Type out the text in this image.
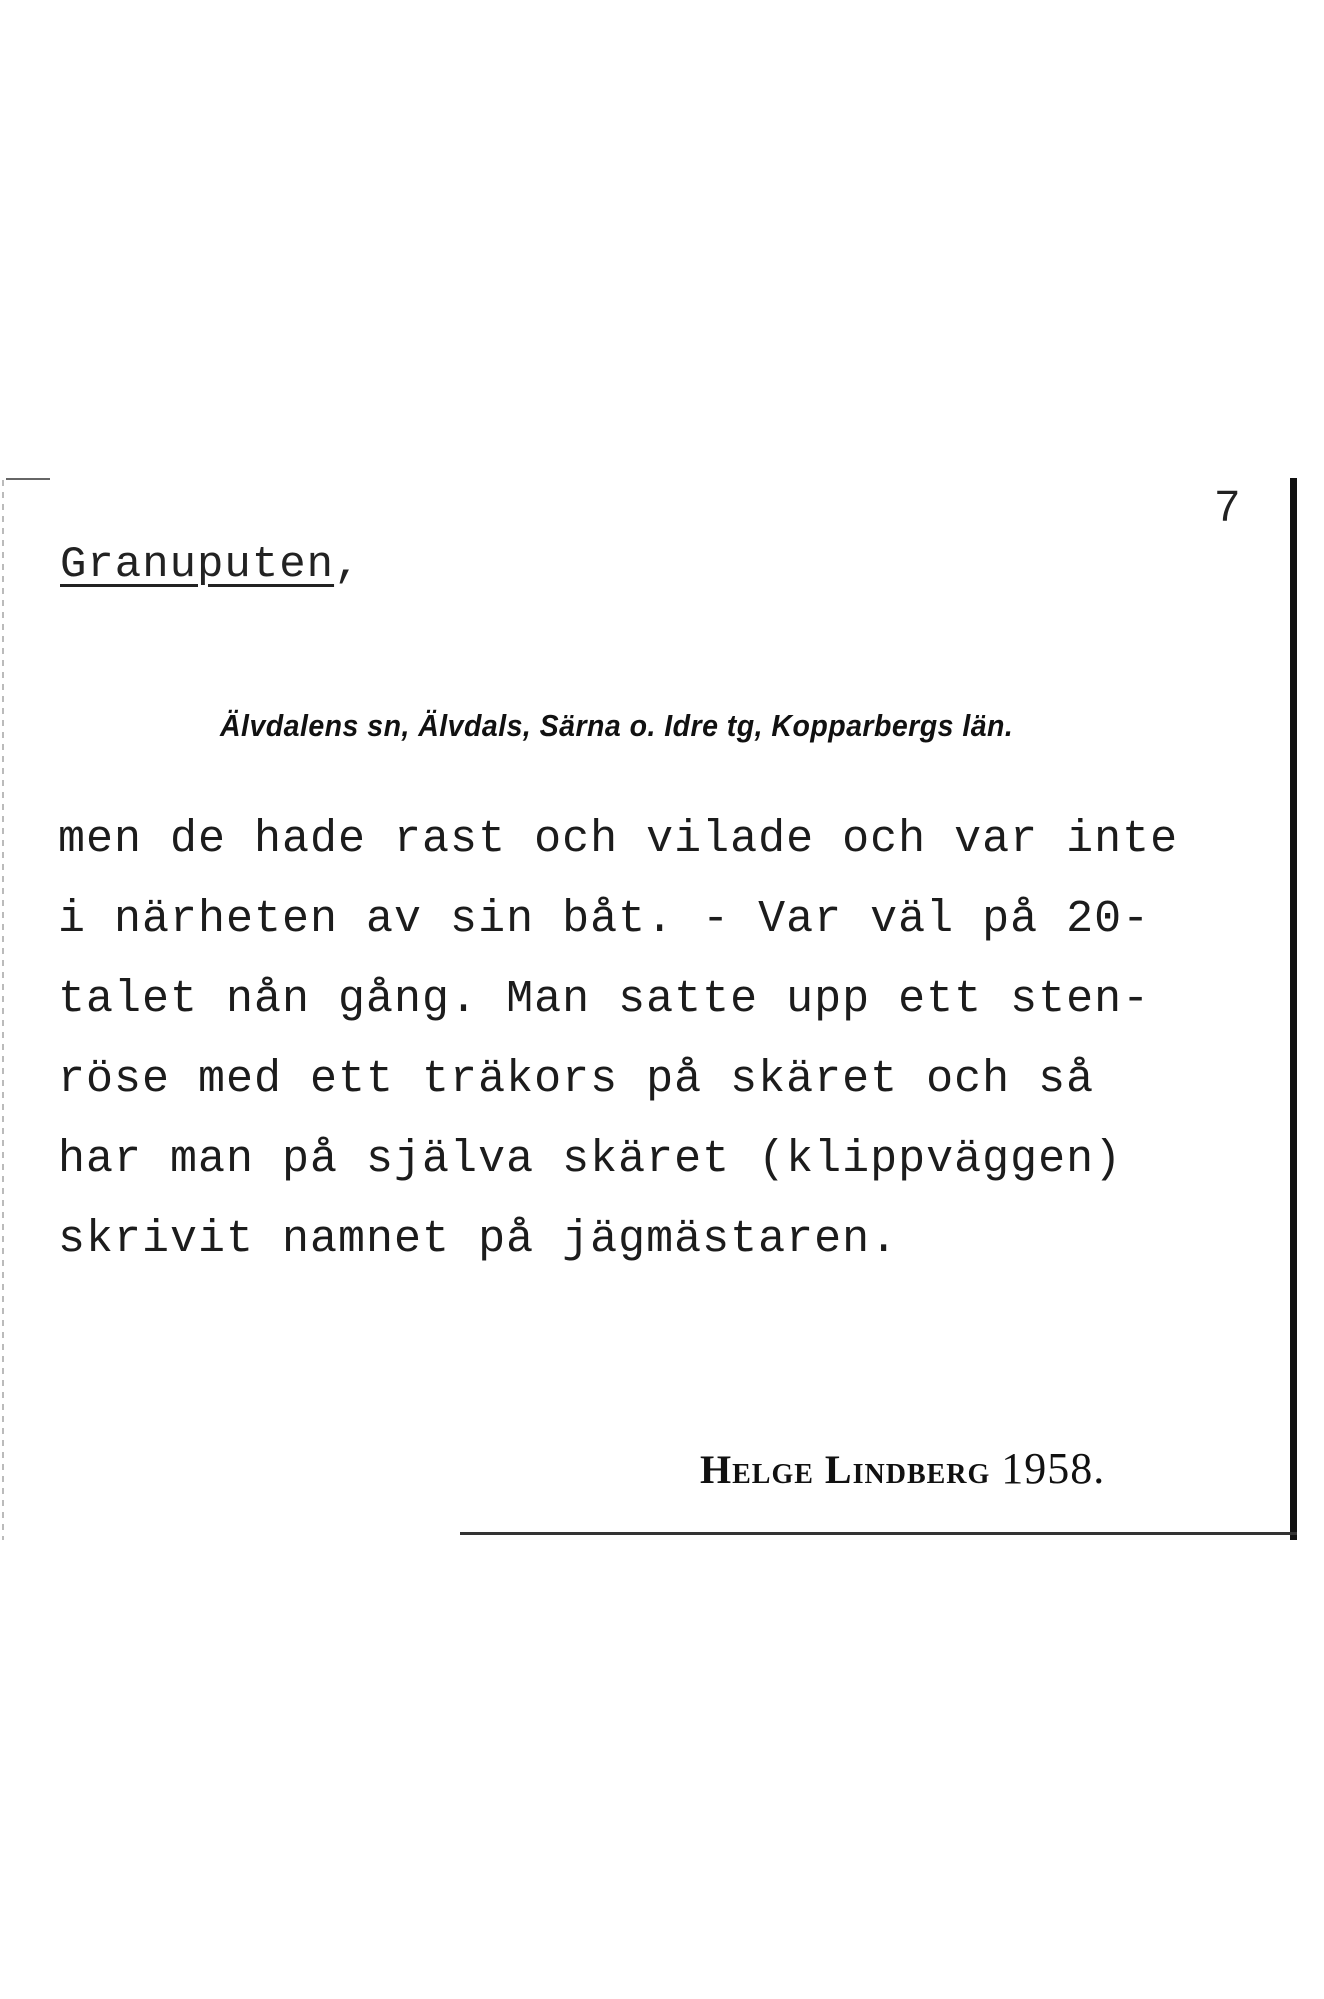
7
Granuputen,
Älvdalens sn, Älvdals, Särna o. Idre tg, Kopparbergs län.
men de hade rast och vilade och var inte
i närheten av sin båt. - Var väl på 20-
talet nån gång. Man satte upp ett sten-
röse med ett träkors på skäret och så
har man på själva skäret (klippväggen)
skrivit namnet på jägmästaren.
Helge Lindberg 1958.
